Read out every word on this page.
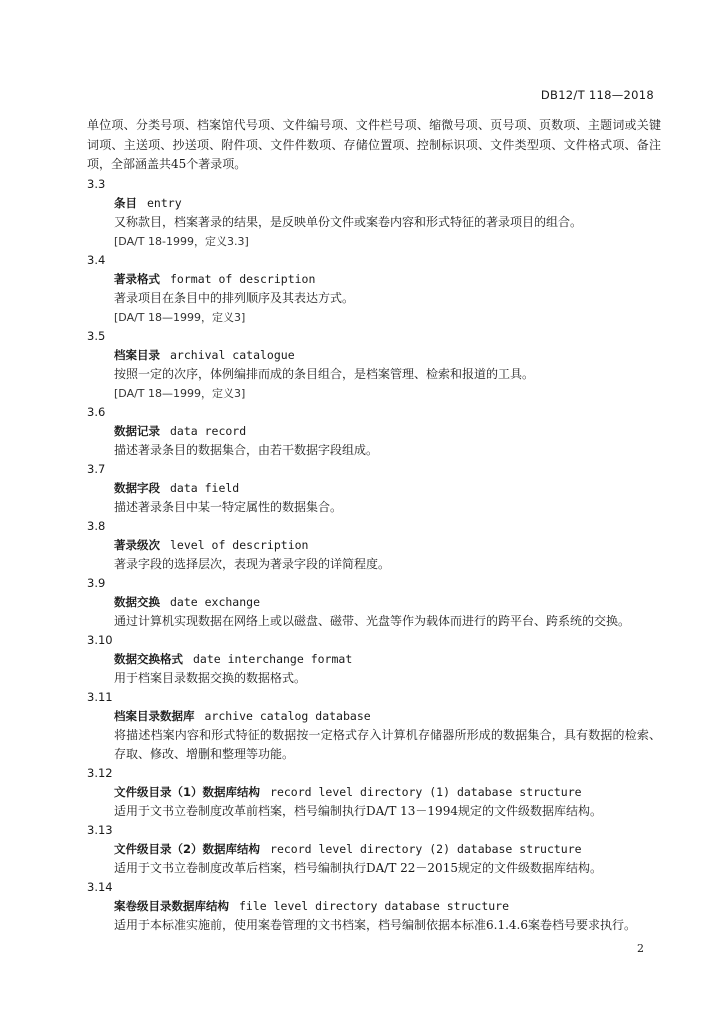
DB12/T 118—2018

单位项、分类号项、档案馆代号项、文件编号项、文件栏号项、缩微号项、页号项、页数项、主题词或关键词项、主送项、抄送项、附件项、文件件数项、存储位置项、控制标识项、文件类型项、文件格式项、备注项，全部涵盖共45个著录项。

3.3
条目 entry
又称款目，档案著录的结果，是反映单份文件或案卷内容和形式特征的著录项目的组合。
[DA/T 18-1999，定义3.3]
3.4
著录格式 format of description
著录项目在条目中的排列顺序及其表达方式。
[DA/T 18—1999，定义3]
3.5
档案目录 archival catalogue
按照一定的次序，体例编排而成的条目组合，是档案管理、检索和报道的工具。
[DA/T 18—1999，定义3]
3.6
数据记录 data record
描述著录条目的数据集合，由若干数据字段组成。
3.7
数据字段 data field
描述著录条目中某一特定属性的数据集合。
3.8
著录级次 level of description
著录字段的选择层次，表现为著录字段的详简程度。
3.9
数据交换 date exchange
通过计算机实现数据在网络上或以磁盘、磁带、光盘等作为载体而进行的跨平台、跨系统的交换。
3.10
数据交换格式 date interchange format
用于档案目录数据交换的数据格式。
3.11
档案目录数据库 archive catalog database
将描述档案内容和形式特征的数据按一定格式存入计算机存储器所形成的数据集合，具有数据的检索、存取、修改、增删和整理等功能。
3.12
文件级目录（1）数据库结构 record level directory (1) database structure
适用于文书立卷制度改革前档案，档号编制执行DA/T 13－1994规定的文件级数据库结构。
3.13
文件级目录（2）数据库结构 record level directory (2) database structure
适用于文书立卷制度改革后档案，档号编制执行DA/T 22－2015规定的文件级数据库结构。
3.14
案卷级目录数据库结构 file level directory database structure
适用于本标准实施前，使用案卷管理的文书档案，档号编制依据本标准6.1.4.6案卷档号要求执行。
2
